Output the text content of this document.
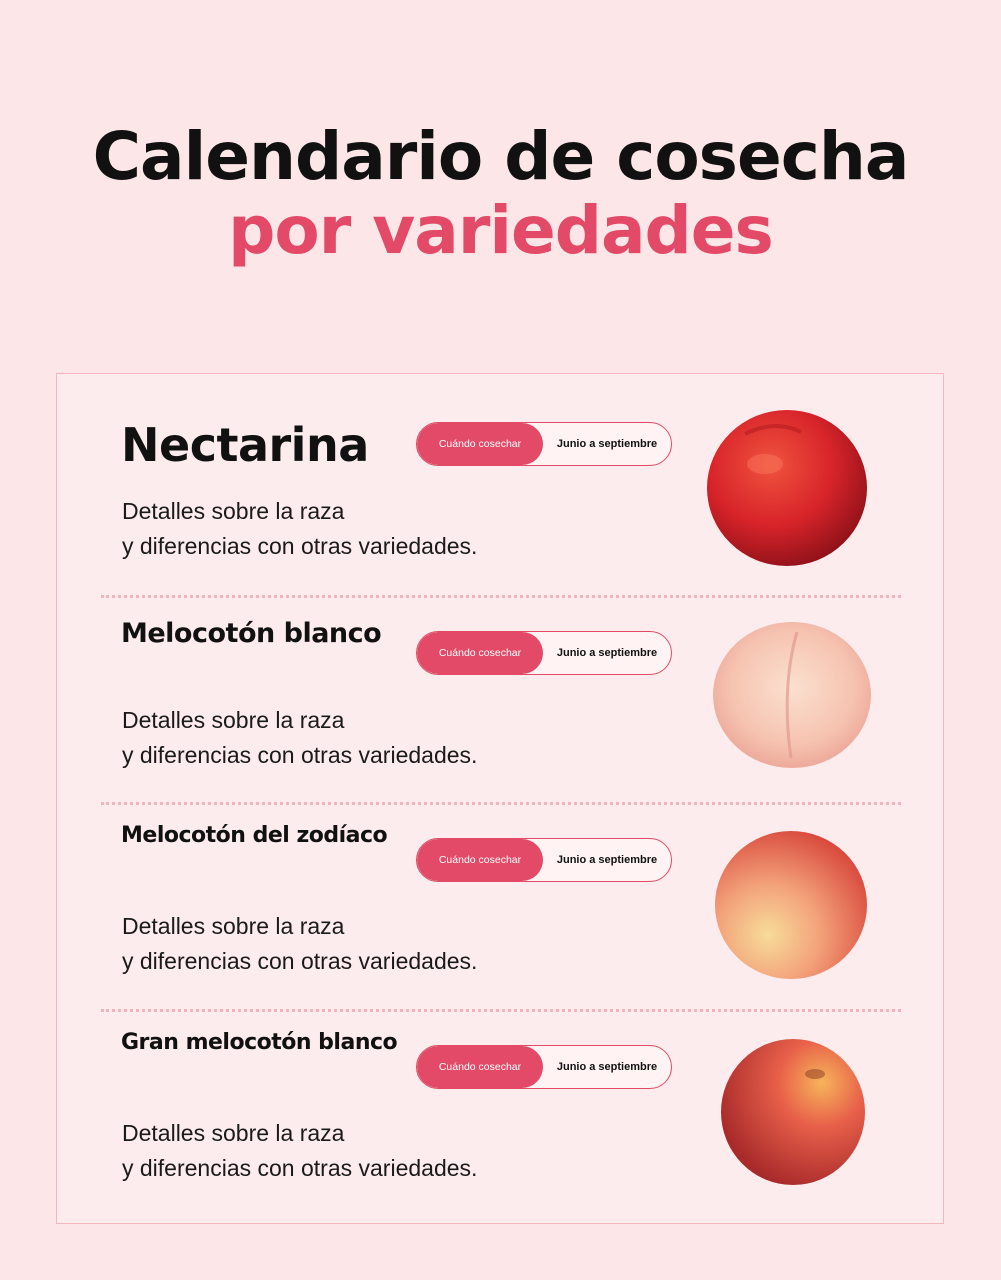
Calendario de cosecha
por variedades
Nectarina	Cuándo cosechar	Junio a septiembre
Detalles sobre la raza
y diferencias con otras variedades.
Melocotón blanco
Cuándo cosechar	Junio a septiembre
Detalles sobre la raza
y diferencias con otras variedades.
Melocotón del zodíaco
Cuándo cosechar	Junio a septiembre
Detalles sobre la raza
y diferencias con otras variedades.
Gran melocotón blanco
Cuándo cosechar	Junio a septiembre
Detalles sobre la raza
y diferencias con otras variedades.
